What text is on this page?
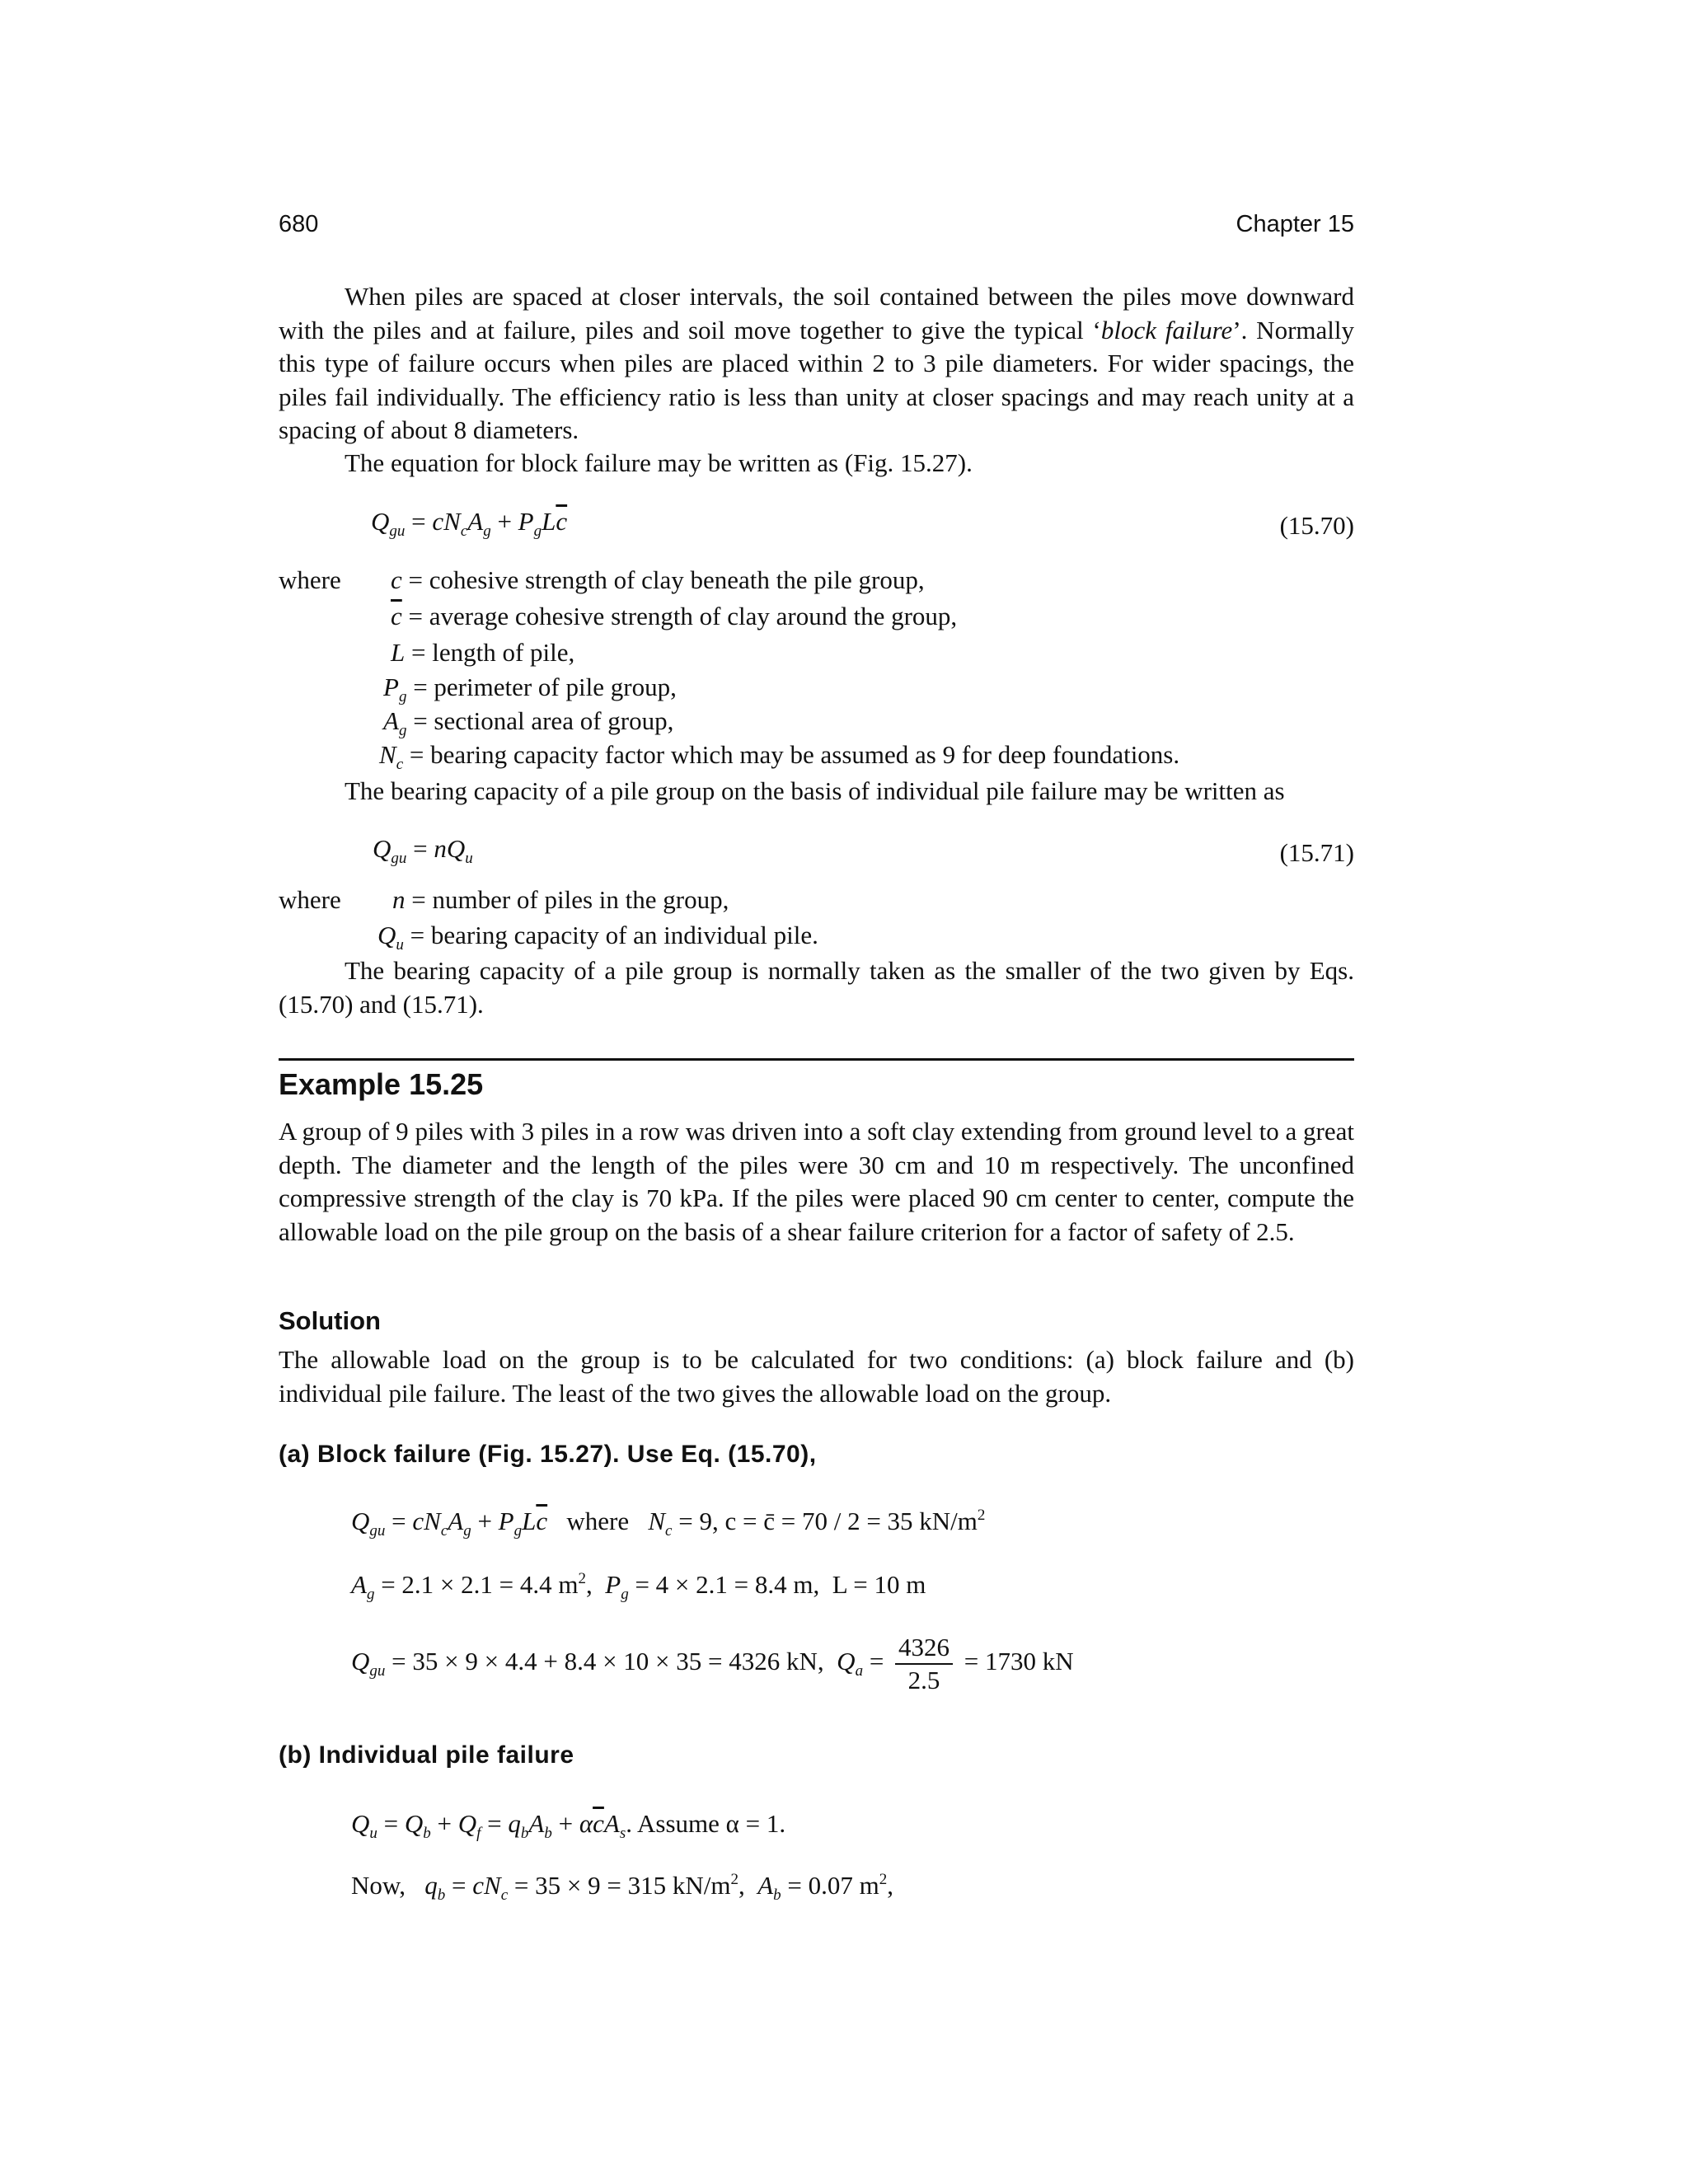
680	Chapter 15

When piles are spaced at closer intervals, the soil contained between the piles move downward with the piles and at failure, piles and soil move together to give the typical ‘block failure’. Normally this type of failure occurs when piles are placed within 2 to 3 pile diameters. For wider spacings, the piles fail individually. The efficiency ratio is less than unity at closer spacings and may reach unity at a spacing of about 8 diameters.

The equation for block failure may be written as (Fig. 15.27).

$Q_{gu} = cN_cA_g + P_gL\overline{c}$	(15.70)
where c = cohesive strength of clay beneath the pile group,
$\overline{c}$ = average cohesive strength of clay around the group,
L = length of pile,
$P_g$ = perimeter of pile group,
$A_g$ = sectional area of group,
$N_c$ = bearing capacity factor which may be assumed as 9 for deep foundations.

The bearing capacity of a pile group on the basis of individual pile failure may be written as

$Q_{gu} = nQ_u$	(15.71)
where n = number of piles in the group,
$Q_u$ = bearing capacity of an individual pile.

The bearing capacity of a pile group is normally taken as the smaller of the two given by Eqs. (15.70) and (15.71).

Example 15.25

A group of 9 piles with 3 piles in a row was driven into a soft clay extending from ground level to a great depth. The diameter and the length of the piles were 30 cm and 10 m respectively. The unconfined compressive strength of the clay is 70 kPa. If the piles were placed 90 cm center to center, compute the allowable load on the pile group on the basis of a shear failure criterion for a factor of safety of 2.5.

Solution

The allowable load on the group is to be calculated for two conditions: (a) block failure and (b) individual pile failure. The least of the two gives the allowable load on the group.

(a) Block failure (Fig. 15.27). Use Eq. (15.70),
$Q_{gu} = cN_cA_g + P_gL\overline{c}$ where $N_c = 9$, c = c̄ = 70 / 2 = 35 $kN/m^2$
$A_g = 2.1 \times 2.1 = 4.4$ $m^2$,  $P_g = 4 \times 2.1 = 8.4$ m, L = 10 m
$Q_{gu} = 35 \times 9 \times 4.4 + 8.4 \times 10 \times 35 = 4326$ kN, $Q_a = \frac{4326}{2.5} = 1730$ kN
(b) Individual pile failure
$Q_u = Q_b + Q_f = q_bA_b + \alpha\overline{c}A_s$. Assume α = 1.
Now, $q_b = cN_c = 35 \times 9 = 315$ $kN/m^2$,  $A_b = 0.07$ $m^2$,
